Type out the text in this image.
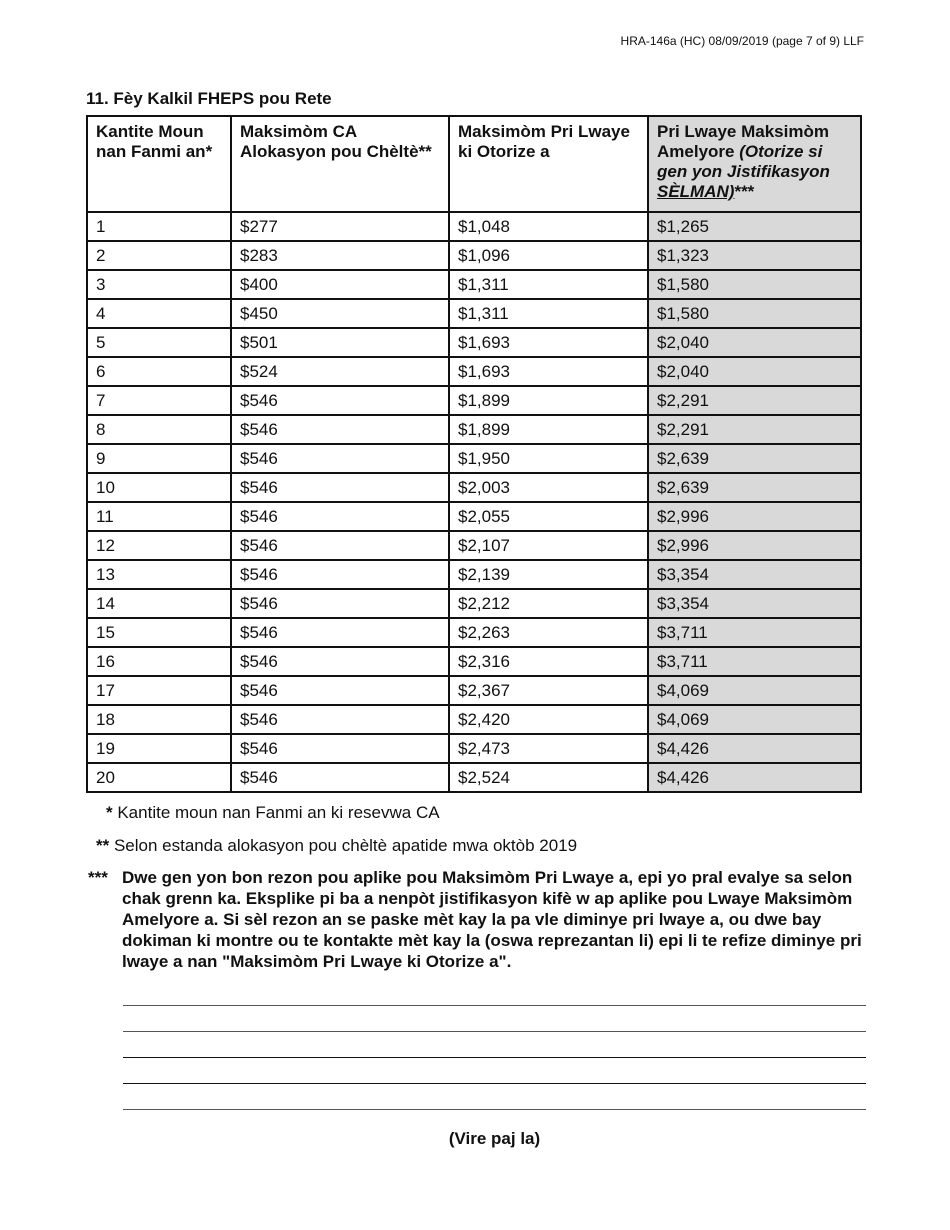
HRA-146a (HC) 08/09/2019 (page 7 of 9) LLF
11. Fèy Kalkil FHEPS pou Rete
Kantite Moun nan Fanmi an*	Maksimòm CA Alokasyon pou Chèltè**	Maksimòm Pri Lwaye ki Otorize a	Pri Lwaye Maksimòm Amelyore (Otorize si gen yon Jistifikasyon SÈLMAN)***
1	$277	$1,048	$1,265
2	$283	$1,096	$1,323
3	$400	$1,311	$1,580
4	$450	$1,311	$1,580
5	$501	$1,693	$2,040
6	$524	$1,693	$2,040
7	$546	$1,899	$2,291
8	$546	$1,899	$2,291
9	$546	$1,950	$2,639
10	$546	$2,003	$2,639
11	$546	$2,055	$2,996
12	$546	$2,107	$2,996
13	$546	$2,139	$3,354
14	$546	$2,212	$3,354
15	$546	$2,263	$3,711
16	$546	$2,316	$3,711
17	$546	$2,367	$4,069
18	$546	$2,420	$4,069
19	$546	$2,473	$4,426
20	$546	$2,524	$4,426
* Kantite moun nan Fanmi an ki resevwa CA
** Selon estanda alokasyon pou chèltè apatide mwa oktòb 2019
*** Dwe gen yon bon rezon pou aplike pou Maksimòm Pri Lwaye a, epi yo pral evalye sa selon chak grenn ka. Eksplike pi ba a nenpòt jistifikasyon kifè w ap aplike pou Lwaye Maksimòm Amelyore a. Si sèl rezon an se paske mèt kay la pa vle diminye pri lwaye a, ou dwe bay dokiman ki montre ou te kontakte mèt kay la (oswa reprezantan li) epi li te refize diminye pri lwaye a nan "Maksimòm Pri Lwaye ki Otorize a".
(Vire paj la)
